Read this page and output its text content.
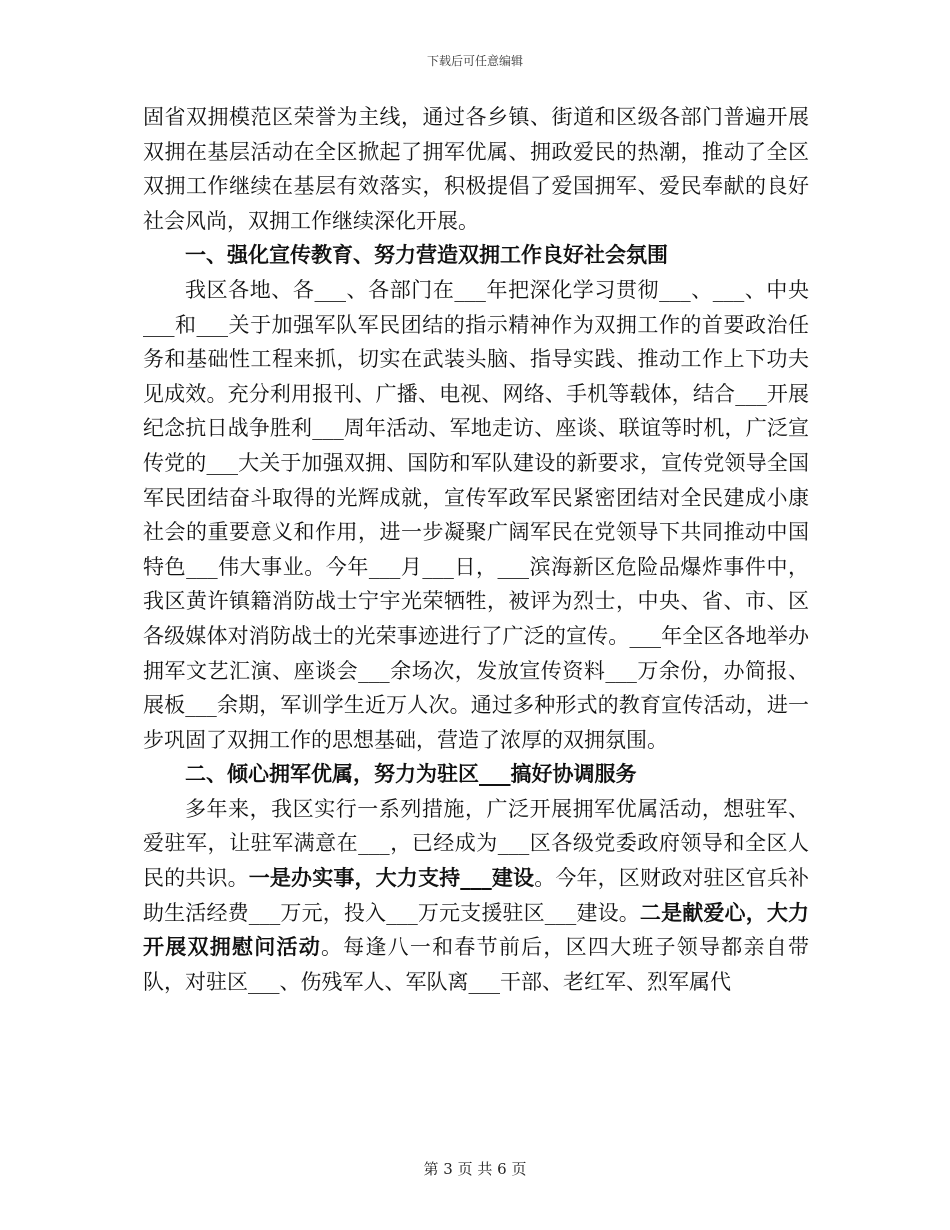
下载后可任意编辑

固省双拥模范区荣誉为主线，通过各乡镇、街道和区级各部门普遍开展双拥在基层活动在全区掀起了拥军优属、拥政爱民的热潮，推动了全区双拥工作继续在基层有效落实，积极提倡了爱国拥军、爱民奉献的良好社会风尚，双拥工作继续深化开展。

一、强化宣传教育、努力营造双拥工作良好社会氛围

我区各地、各___、各部门在___年把深化学习贯彻___、___、中央___和___关于加强军队军民团结的指示精神作为双拥工作的首要政治任务和基础性工程来抓，切实在武装头脑、指导实践、推动工作上下功夫见成效。充分利用报刊、广播、电视、网络、手机等载体，结合___开展纪念抗日战争胜利___周年活动、军地走访、座谈、联谊等时机，广泛宣传党的___大关于加强双拥、国防和军队建设的新要求，宣传党领导全国军民团结奋斗取得的光辉成就，宣传军政军民紧密团结对全民建成小康社会的重要意义和作用，进一步凝聚广阔军民在党领导下共同推动中国特色___伟大事业。今年___月___日，___滨海新区危险品爆炸事件中，我区黄许镇籍消防战士宁宇光荣牺牲，被评为烈士，中央、省、市、区各级媒体对消防战士的光荣事迹进行了广泛的宣传。___年全区各地举办拥军文艺汇演、座谈会___余场次，发放宣传资料___万余份，办简报、展板___余期，军训学生近万人次。通过多种形式的教育宣传活动，进一步巩固了双拥工作的思想基础，营造了浓厚的双拥氛围。

二、倾心拥军优属，努力为驻区___搞好协调服务

多年来，我区实行一系列措施，广泛开展拥军优属活动，想驻军、爱驻军，让驻军满意在___，已经成为___区各级党委政府领导和全区人民的共识。一是办实事，大力支持___建设。今年，区财政对驻区官兵补助生活经费___万元，投入___万元支援驻区___建设。二是献爱心，大力开展双拥慰问活动。每逢八一和春节前后，区四大班子领导都亲自带队，对驻区___、伤残军人、军队离___干部、老红军、烈军属代

第 3 页 共 6 页
